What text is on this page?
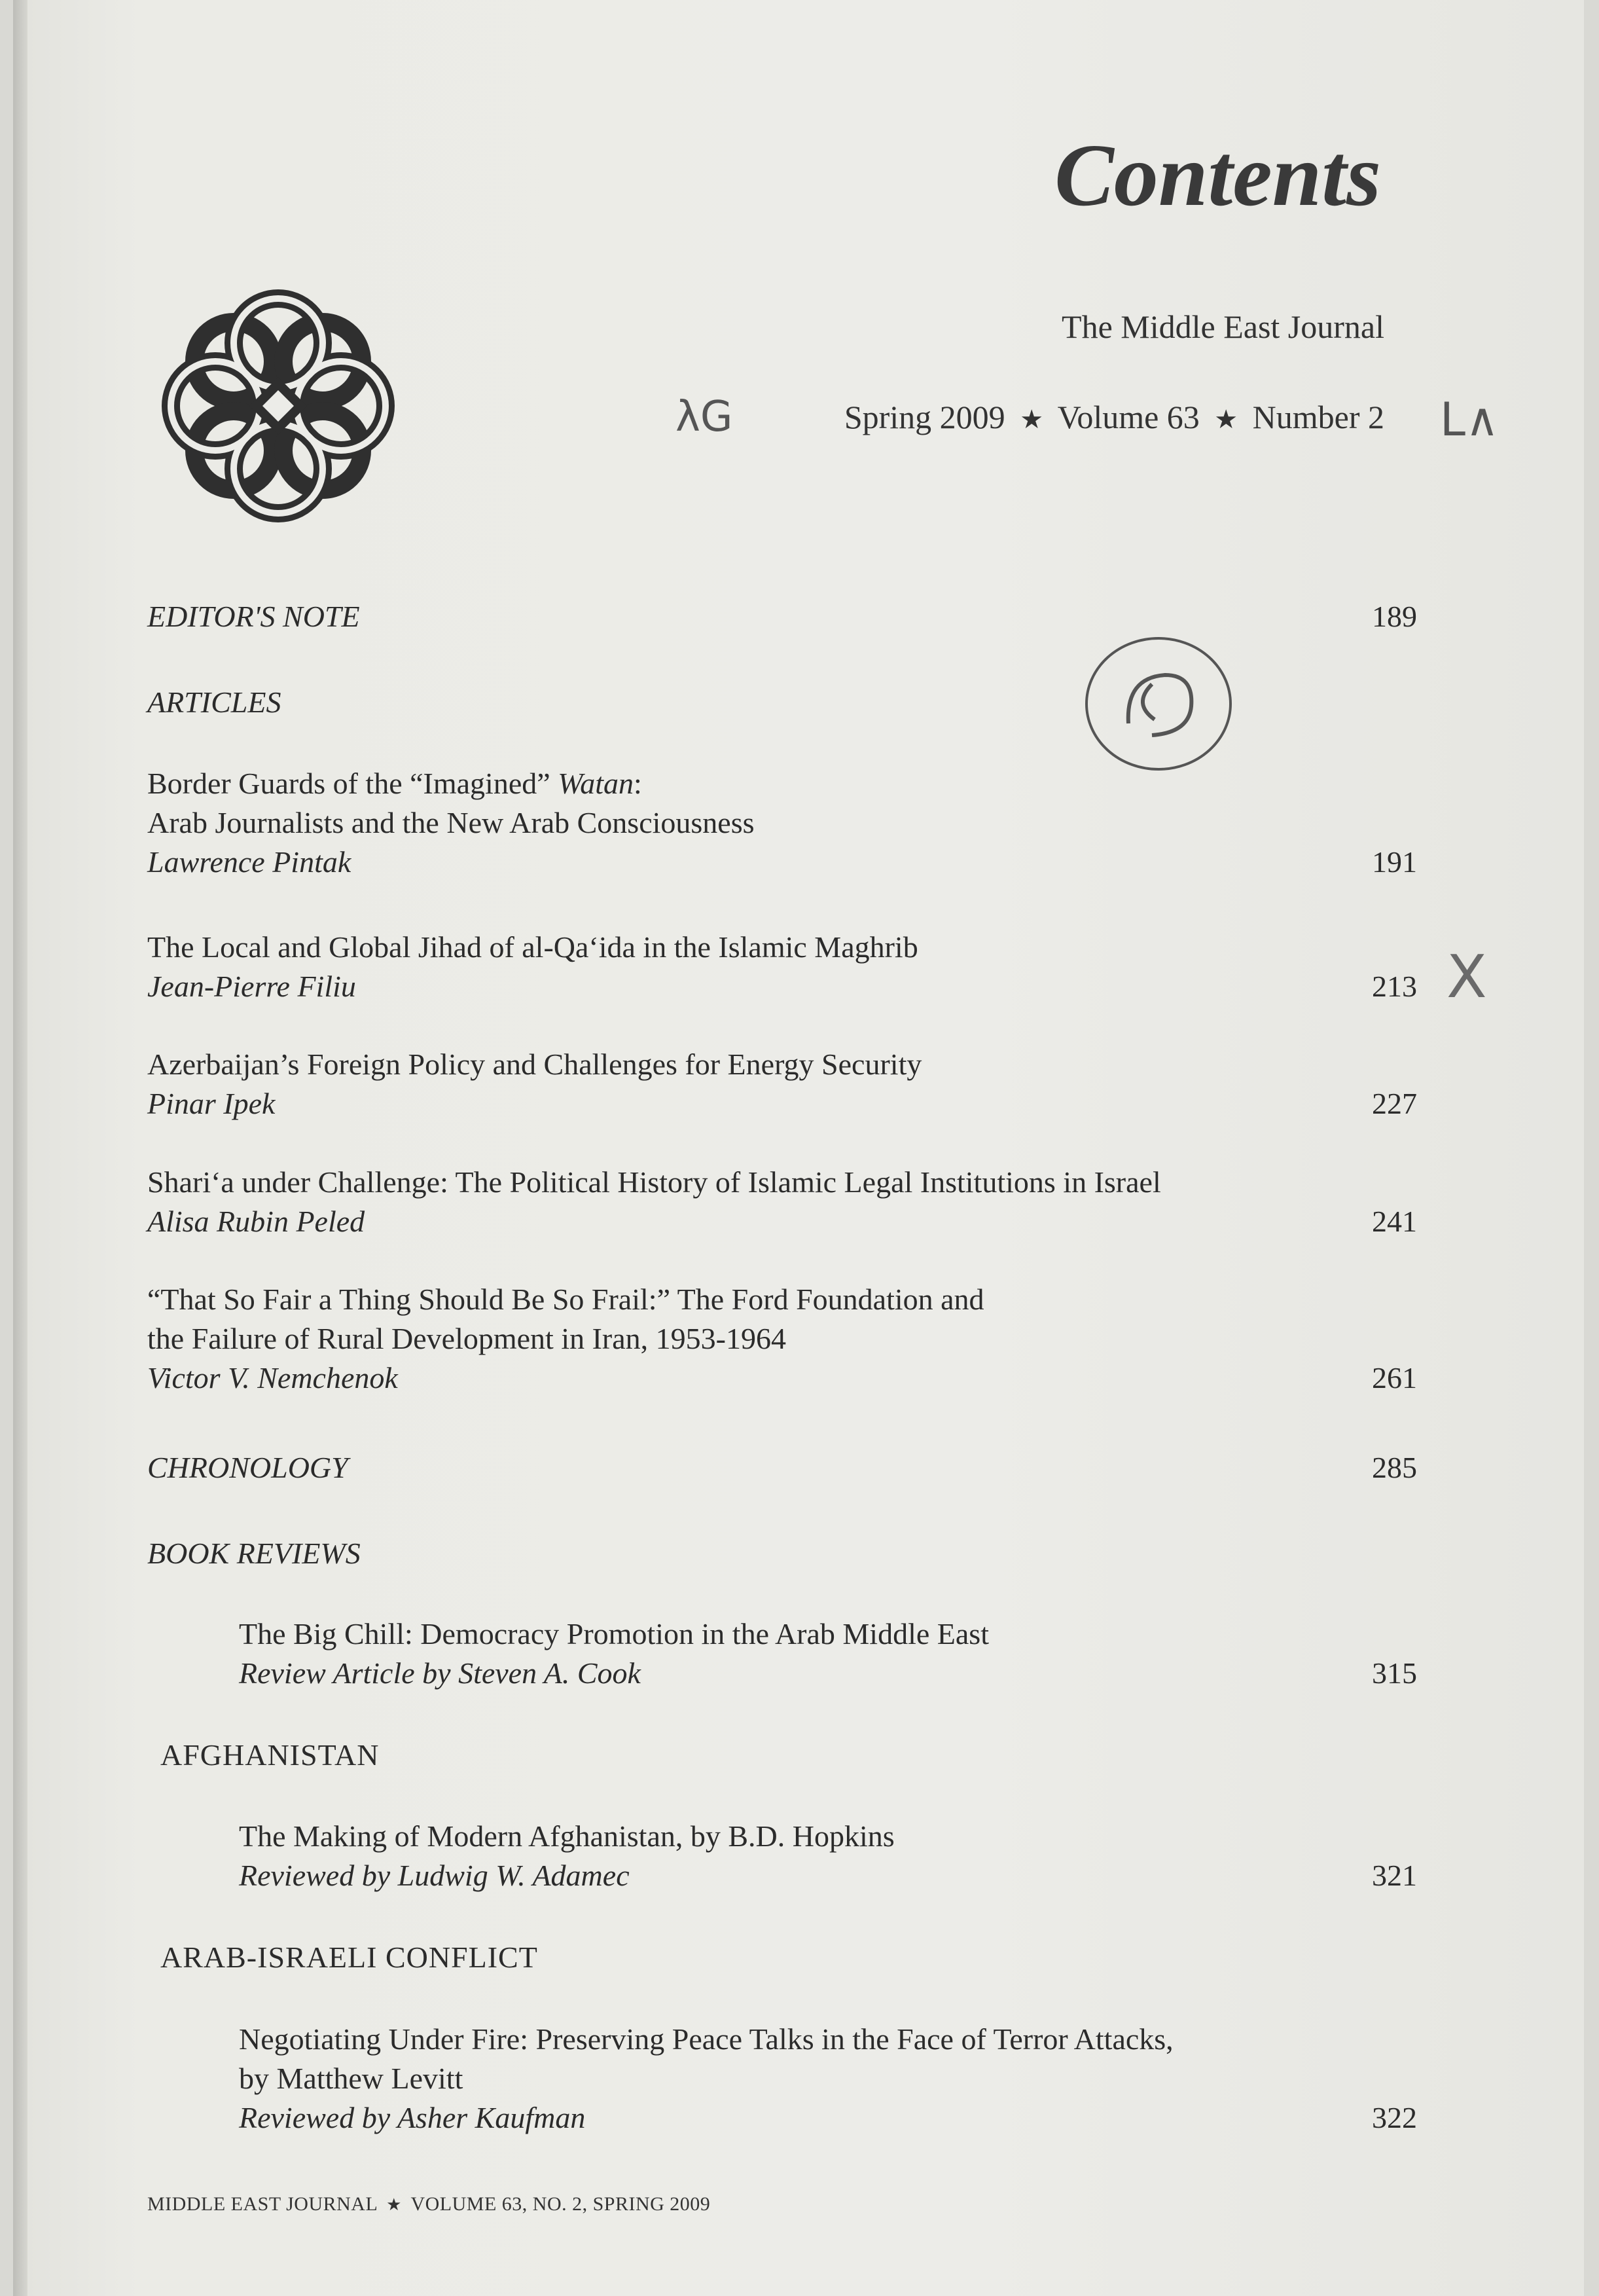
Contents
The Middle East Journal
Spring 2009 ★ Volume 63 ★ Number 2
λG	L∧
X
EDITOR'S NOTE	189
ARTICLES
Border Guards of the “Imagined” Watan:
Arab Journalists and the New Arab Consciousness
Lawrence Pintak	191
The Local and Global Jihad of al-Qa‘ida in the Islamic Maghrib
Jean-Pierre Filiu	213
Azerbaijan’s Foreign Policy and Challenges for Energy Security
Pinar Ipek	227
Shari‘a under Challenge: The Political History of Islamic Legal Institutions in Israel
Alisa Rubin Peled	241
“That So Fair a Thing Should Be So Frail:” The Ford Foundation and
the Failure of Rural Development in Iran, 1953-1964
Victor V. Nemchenok	261
CHRONOLOGY	285
BOOK REVIEWS
The Big Chill: Democracy Promotion in the Arab Middle East
Review Article by Steven A. Cook	315
AFGHANISTAN
The Making of Modern Afghanistan, by B.D. Hopkins
Reviewed by Ludwig W. Adamec	321
ARAB-ISRAELI CONFLICT
Negotiating Under Fire: Preserving Peace Talks in the Face of Terror Attacks,
by Matthew Levitt
Reviewed by Asher Kaufman	322
MIDDLE EAST JOURNAL ★ VOLUME 63, NO. 2, SPRING 2009
